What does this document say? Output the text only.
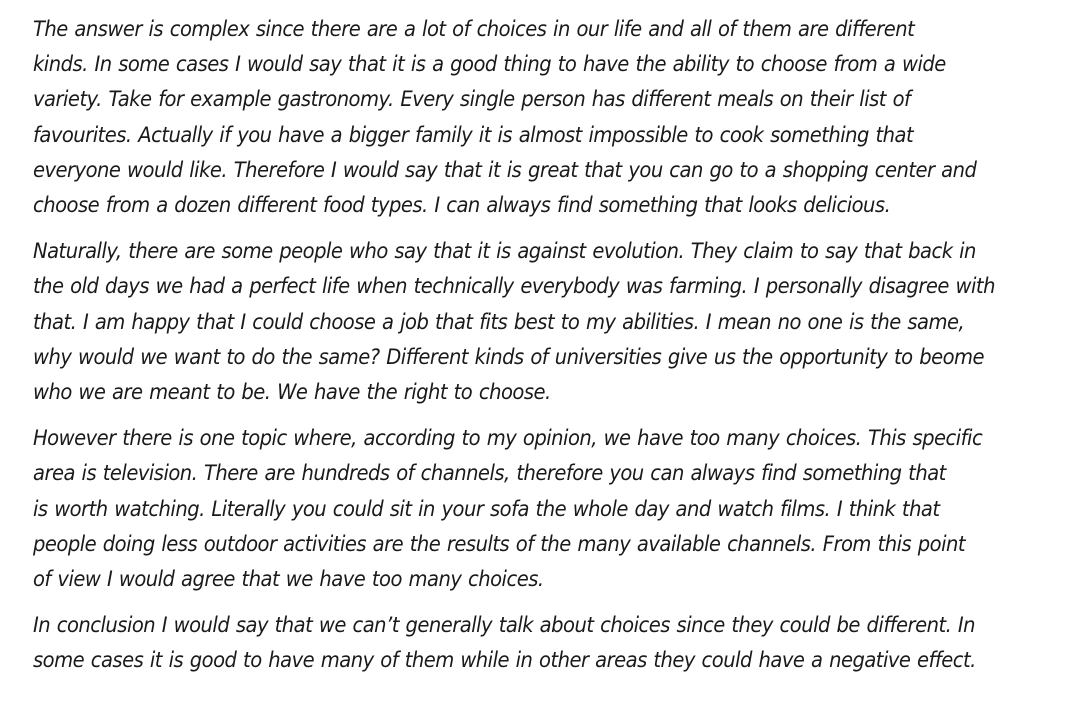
The answer is complex since there are a lot of choices in our life and all of them are different
kinds. In some cases I would say that it is a good thing to have the ability to choose from a wide
variety. Take for example gastronomy. Every single person has different meals on their list of
favourites. Actually if you have a bigger family it is almost impossible to cook something that
everyone would like. Therefore I would say that it is great that you can go to a shopping center and
choose from a dozen different food types. I can always find something that looks delicious.

Naturally, there are some people who say that it is against evolution. They claim to say that back in
the old days we had a perfect life when technically everybody was farming. I personally disagree with
that. I am happy that I could choose a job that fits best to my abilities. I mean no one is the same,
why would we want to do the same? Different kinds of universities give us the opportunity to beome
who we are meant to be. We have the right to choose.

However there is one topic where, according to my opinion, we have too many choices. This specific
area is television. There are hundreds of channels, therefore you can always find something that
is worth watching. Literally you could sit in your sofa the whole day and watch films. I think that
people doing less outdoor activities are the results of the many available channels. From this point
of view I would agree that we have too many choices.

In conclusion I would say that we can’t generally talk about choices since they could be different. In
some cases it is good to have many of them while in other areas they could have a negative effect.
